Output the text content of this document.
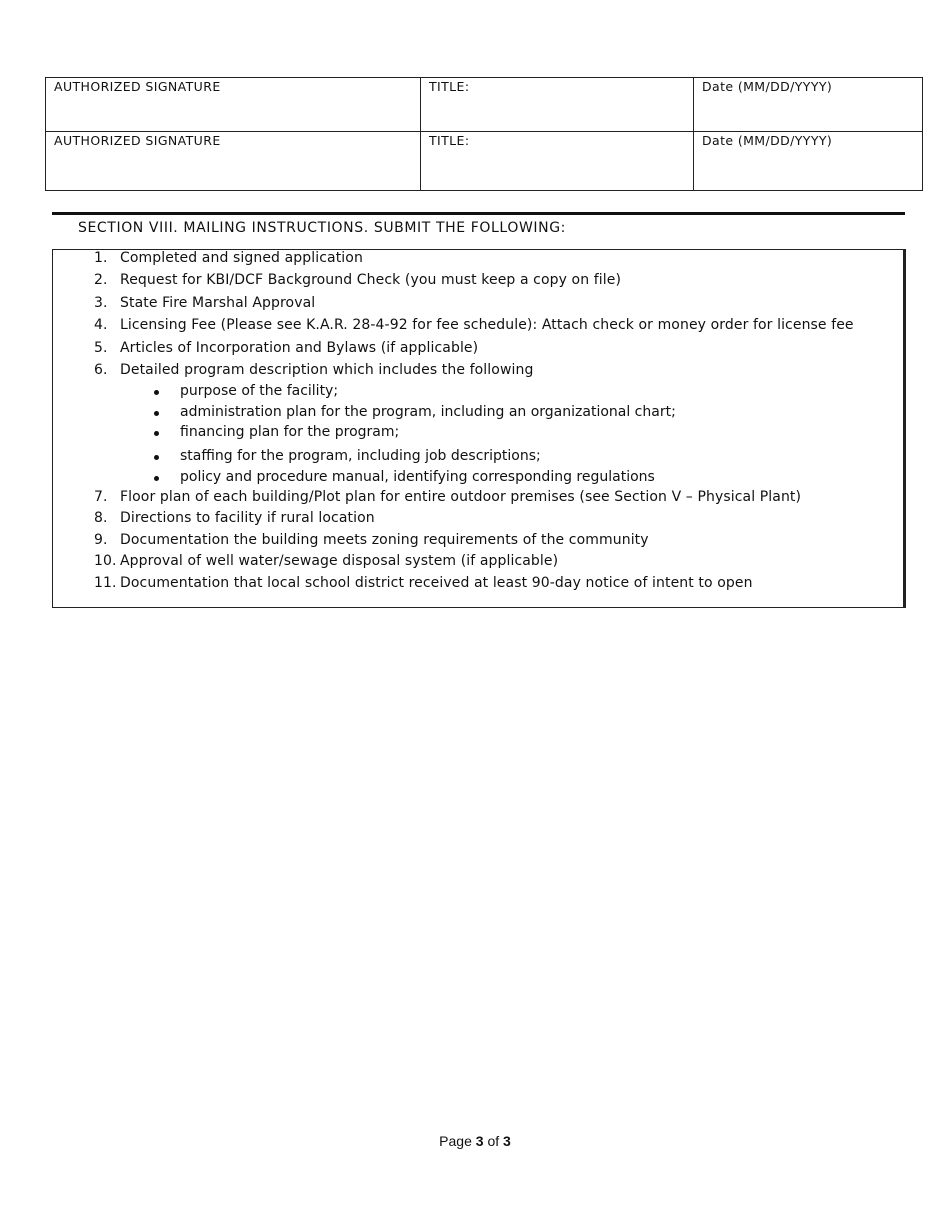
AUTHORIZED SIGNATURE	TITLE:	Date (MM/DD/YYYY)

AUTHORIZED SIGNATURE	TITLE:	Date (MM/DD/YYYY)
SECTION VIII. MAILING INSTRUCTIONS. SUBMIT THE FOLLOWING:
1. Completed and signed application
2. Request for KBI/DCF Background Check (you must keep a copy on file)
3. State Fire Marshal Approval
4. Licensing Fee (Please see K.A.R. 28-4-92 for fee schedule): Attach check or money order for license fee
5. Articles of Incorporation and Bylaws (if applicable)
6. Detailed program description which includes the following
purpose of the facility;
administration plan for the program, including an organizational chart;
financing plan for the program;
staffing for the program, including job descriptions;
policy and procedure manual, identifying corresponding regulations
7. Floor plan of each building/Plot plan for entire outdoor premises (see Section V – Physical Plant)
8. Directions to facility if rural location
9. Documentation the building meets zoning requirements of the community
10. Approval of well water/sewage disposal system (if applicable)
11. Documentation that local school district received at least 90-day notice of intent to open
Page 3 of 3
